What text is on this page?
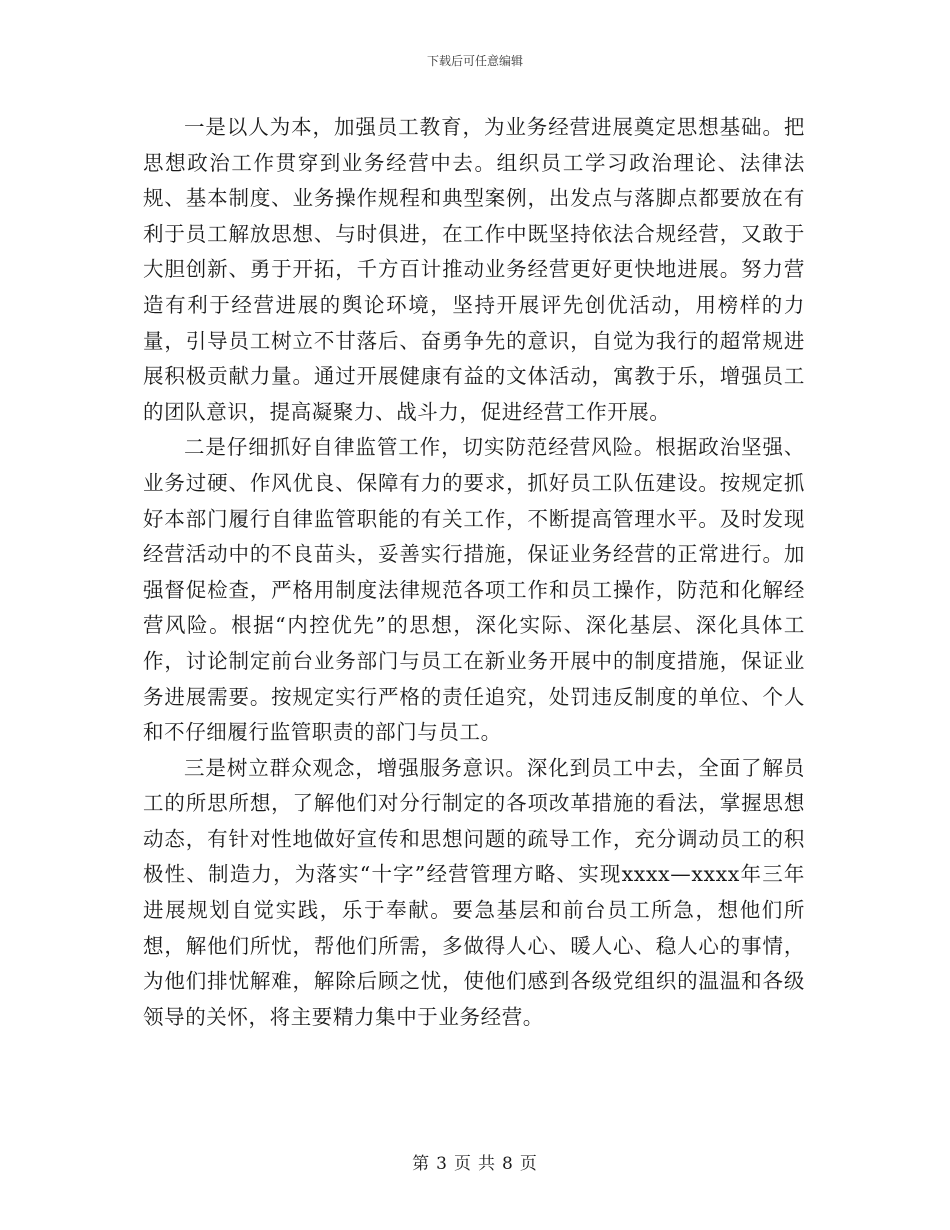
下载后可任意编辑

一是以人为本，加强员工教育，为业务经营进展奠定思想基础。把思想政治工作贯穿到业务经营中去。组织员工学习政治理论、法律法规、基本制度、业务操作规程和典型案例，出发点与落脚点都要放在有利于员工解放思想、与时俱进，在工作中既坚持依法合规经营，又敢于大胆创新、勇于开拓，千方百计推动业务经营更好更快地进展。努力营造有利于经营进展的舆论环境，坚持开展评先创优活动，用榜样的力量，引导员工树立不甘落后、奋勇争先的意识，自觉为我行的超常规进展积极贡献力量。通过开展健康有益的文体活动，寓教于乐，增强员工的团队意识，提高凝聚力、战斗力，促进经营工作开展。

二是仔细抓好自律监管工作，切实防范经营风险。根据政治坚强、业务过硬、作风优良、保障有力的要求，抓好员工队伍建设。按规定抓好本部门履行自律监管职能的有关工作，不断提高管理水平。及时发现经营活动中的不良苗头，妥善实行措施，保证业务经营的正常进行。加强督促检查，严格用制度法律规范各项工作和员工操作，防范和化解经营风险。根据“内控优先”的思想，深化实际、深化基层、深化具体工作，讨论制定前台业务部门与员工在新业务开展中的制度措施，保证业务进展需要。按规定实行严格的责任追究，处罚违反制度的单位、个人和不仔细履行监管职责的部门与员工。

三是树立群众观念，增强服务意识。深化到员工中去，全面了解员工的所思所想，了解他们对分行制定的各项改革措施的看法，掌握思想动态，有针对性地做好宣传和思想问题的疏导工作，充分调动员工的积极性、制造力，为落实“十字”经营管理方略、实现xxxx—xxxx年三年进展规划自觉实践，乐于奉献。要急基层和前台员工所急，想他们所想，解他们所忧，帮他们所需，多做得人心、暖人心、稳人心的事情，为他们排忧解难，解除后顾之忧，使他们感到各级党组织的温温和各级领导的关怀，将主要精力集中于业务经营。

第 3 页 共 8 页
